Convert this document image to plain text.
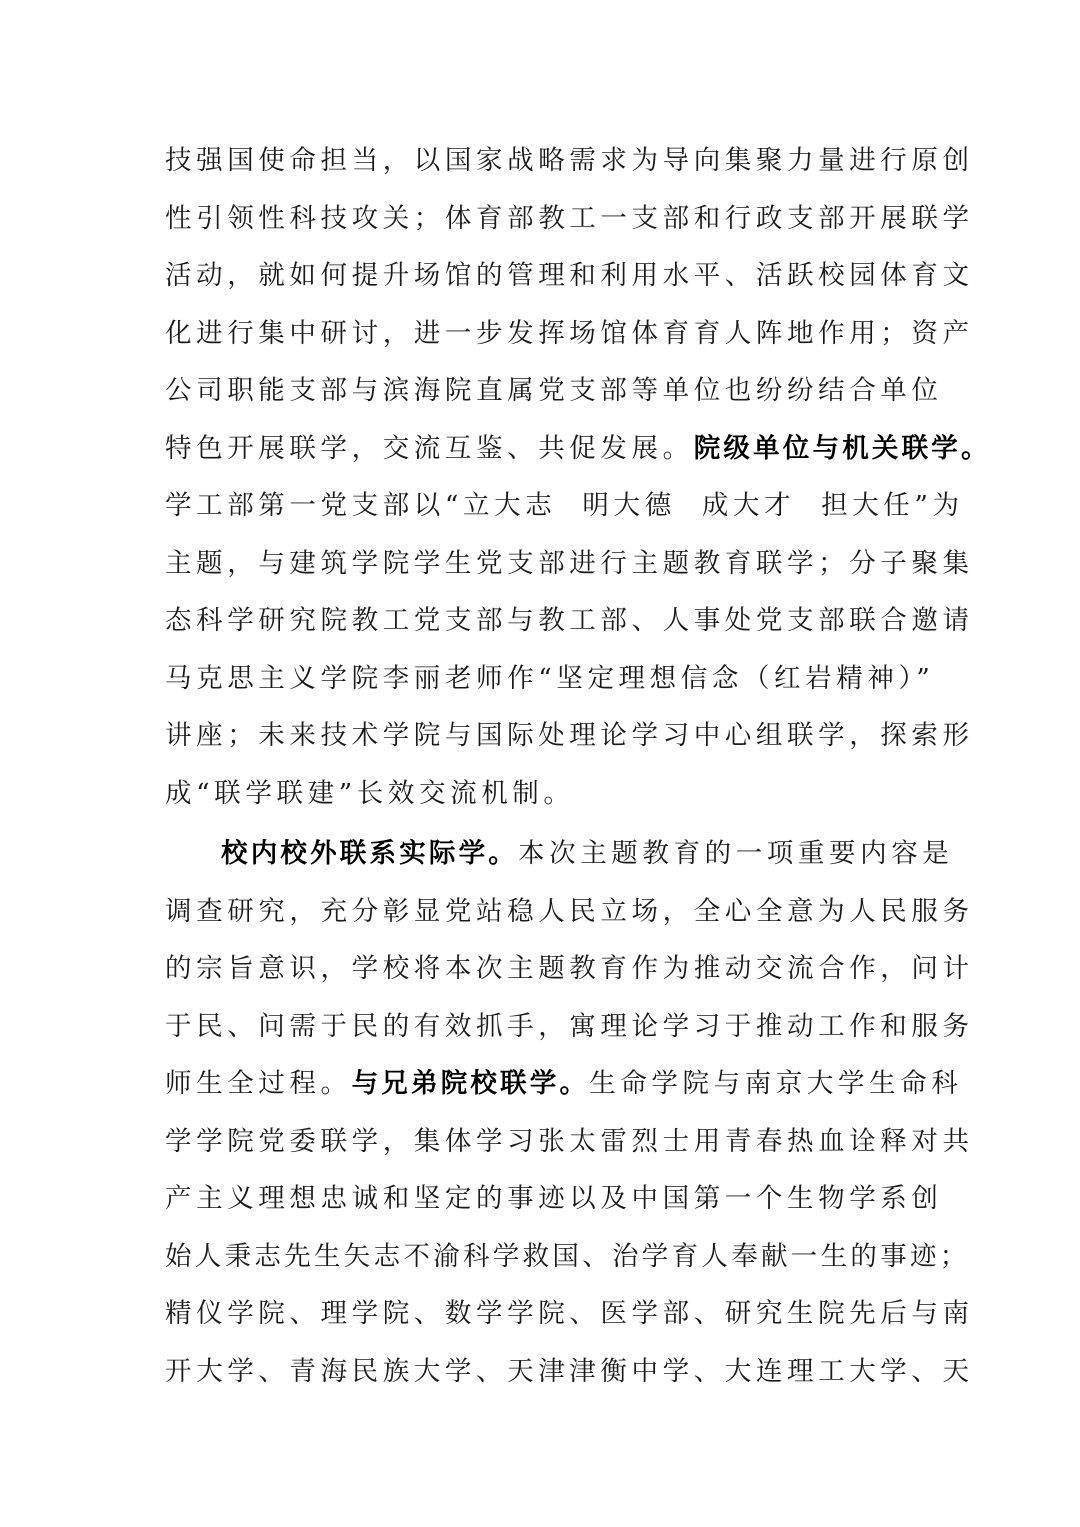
技强国使命担当，以国家战略需求为导向集聚力量进行原创
性引领性科技攻关；体育部教工一支部和行政支部开展联学
活动，就如何提升场馆的管理和利用水平、活跃校园体育文
化进行集中研讨，进一步发挥场馆体育育人阵地作用；资产
公司职能支部与滨海院直属党支部等单位也纷纷结合单位
特色开展联学，交流互鉴、共促发展。院级单位与机关联学。
学工部第一党支部以“立大志  明大德  成大才  担大任”为
主题，与建筑学院学生党支部进行主题教育联学；分子聚集
态科学研究院教工党支部与教工部、人事处党支部联合邀请
马克思主义学院李丽老师作“坚定理想信念（红岩精神）”
讲座；未来技术学院与国际处理论学习中心组联学，探索形
成“联学联建”长效交流机制。
校内校外联系实际学。本次主题教育的一项重要内容是
调查研究，充分彰显党站稳人民立场，全心全意为人民服务
的宗旨意识，学校将本次主题教育作为推动交流合作，问计
于民、问需于民的有效抓手，寓理论学习于推动工作和服务
师生全过程。与兄弟院校联学。生命学院与南京大学生命科
学学院党委联学，集体学习张太雷烈士用青春热血诠释对共
产主义理想忠诚和坚定的事迹以及中国第一个生物学系创
始人秉志先生矢志不渝科学救国、治学育人奉献一生的事迹；
精仪学院、理学院、数学学院、医学部、研究生院先后与南
开大学、青海民族大学、天津津衡中学、大连理工大学、天
